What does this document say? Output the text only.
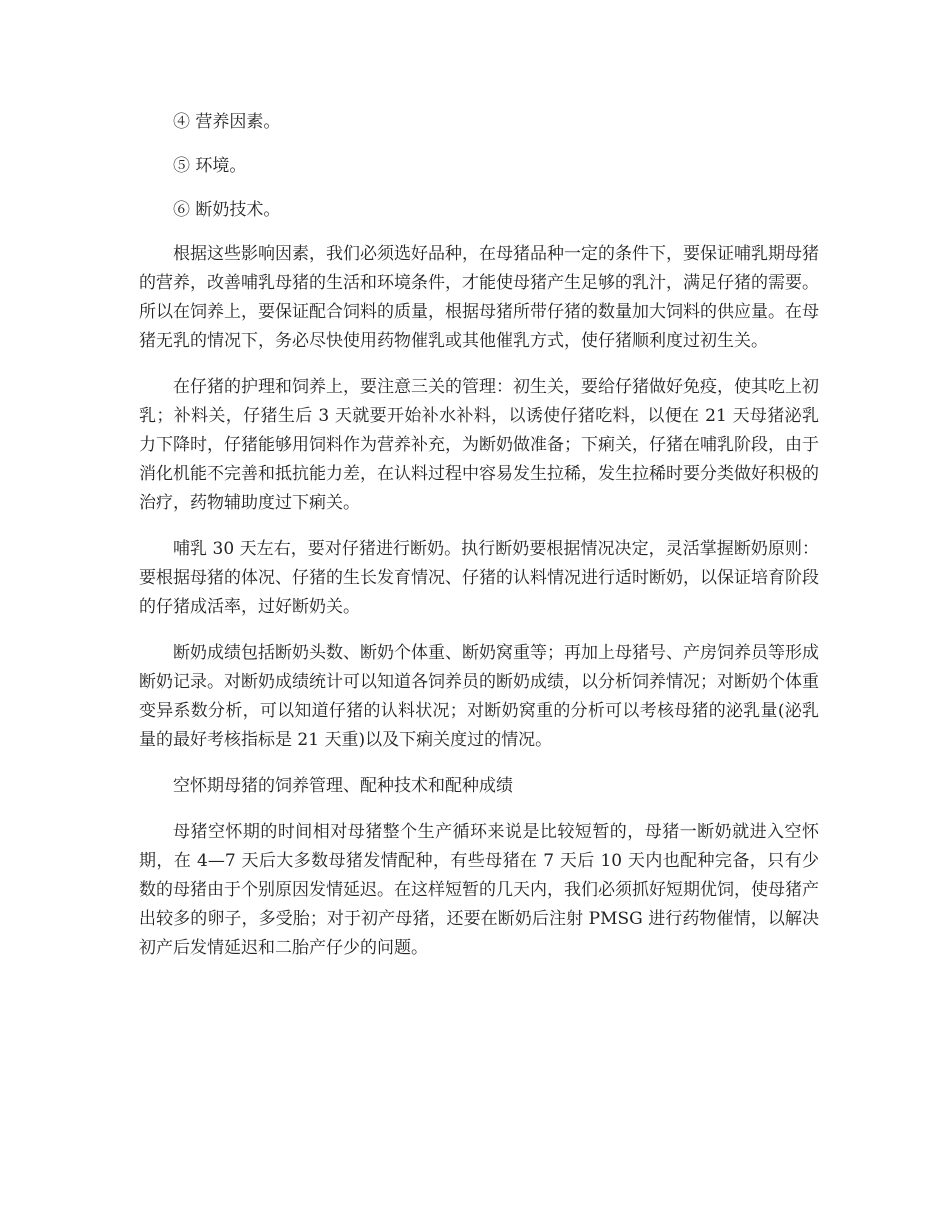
④ 营养因素。
⑤ 环境。
⑥ 断奶技术。

根据这些影响因素，我们必须选好品种，在母猪品种一定的条件下，要保证哺乳期母猪的营养，改善哺乳母猪的生活和环境条件，才能使母猪产生足够的乳汁，满足仔猪的需要。所以在饲养上，要保证配合饲料的质量，根据母猪所带仔猪的数量加大饲料的供应量。在母猪无乳的情况下，务必尽快使用药物催乳或其他催乳方式，使仔猪顺利度过初生关。

在仔猪的护理和饲养上，要注意三关的管理：初生关，要给仔猪做好免疫，使其吃上初乳；补料关，仔猪生后 3 天就要开始补水补料，以诱使仔猪吃料，以便在 21 天母猪泌乳力下降时，仔猪能够用饲料作为营养补充，为断奶做准备；下痢关，仔猪在哺乳阶段，由于消化机能不完善和抵抗能力差，在认料过程中容易发生拉稀，发生拉稀时要分类做好积极的治疗，药物辅助度过下痢关。

哺乳 30 天左右，要对仔猪进行断奶。执行断奶要根据情况决定，灵活掌握断奶原则：要根据母猪的体况、仔猪的生长发育情况、仔猪的认料情况进行适时断奶，以保证培育阶段的仔猪成活率，过好断奶关。

断奶成绩包括断奶头数、断奶个体重、断奶窝重等；再加上母猪号、产房饲养员等形成断奶记录。对断奶成绩统计可以知道各饲养员的断奶成绩，以分析饲养情况；对断奶个体重变异系数分析，可以知道仔猪的认料状况；对断奶窝重的分析可以考核母猪的泌乳量(泌乳量的最好考核指标是 21 天重)以及下痢关度过的情况。

空怀期母猪的饲养管理、配种技术和配种成绩

母猪空怀期的时间相对母猪整个生产循环来说是比较短暂的，母猪一断奶就进入空怀期，在 4—7 天后大多数母猪发情配种，有些母猪在 7 天后 10 天内也配种完备，只有少数的母猪由于个别原因发情延迟。在这样短暂的几天内，我们必须抓好短期优饲，使母猪产出较多的卵子，多受胎；对于初产母猪，还要在断奶后注射 PMSG 进行药物催情，以解决初产后发情延迟和二胎产仔少的问题。
